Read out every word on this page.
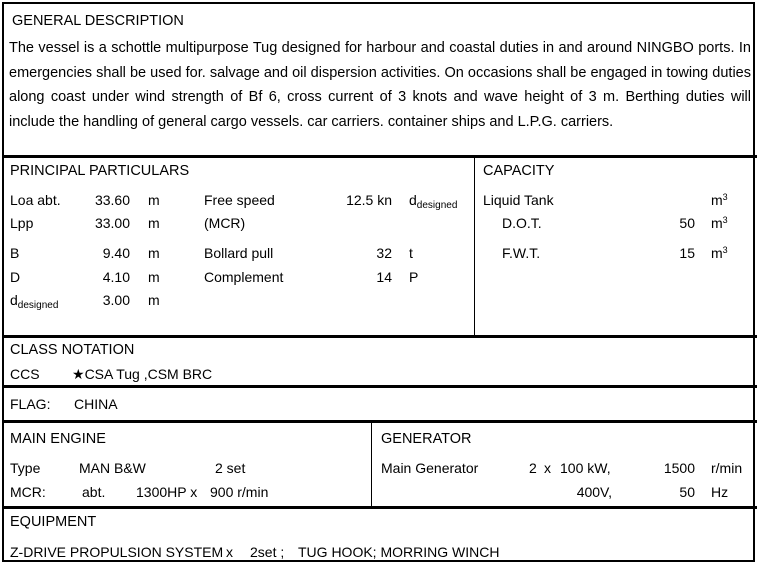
GENERAL DESCRIPTION
The vessel is a schottle multipurpose Tug designed for harbour and coastal duties in and around NINGBO ports. In emergencies shall be used for. salvage and oil dispersion activities. On occasions shall be engaged in towing duties along coast under wind strength of Bf 6, cross current of 3 knots and wave height of 3 m. Berthing duties will include the handling of general cargo vessels. car carriers. container ships and L.P.G. carriers.
PRINCIPAL PARTICULARS
Loa abt.	33.60 m
Lpp	33.00 m
B	9.40 m
D	4.10 m
$d_{designed}$	3.00 m
Free speed
(MCR)
12.5 kn $d_{designed}$
Bollard pull	32 t
Complement	14 P
CAPACITY
Liquid Tank	$m^3$
D.O.T.	50 $m^3$
F.W.T.	15 $m^3$
CLASS NOTATION
CCS ★CSA Tug ,CSM BRC
FLAG: CHINA
MAIN ENGINE
Type	MAN B&W	2 set
MCR:	abt. 1300HP x 900 r/min
GENERATOR
Main Generator	2 x 100 kW,	1500 r/min
400V,	50 Hz
EQUIPMENT
Z-DRIVE PROPULSION SYSTEM x 2set ; TUG HOOK; MORRING WINCH
